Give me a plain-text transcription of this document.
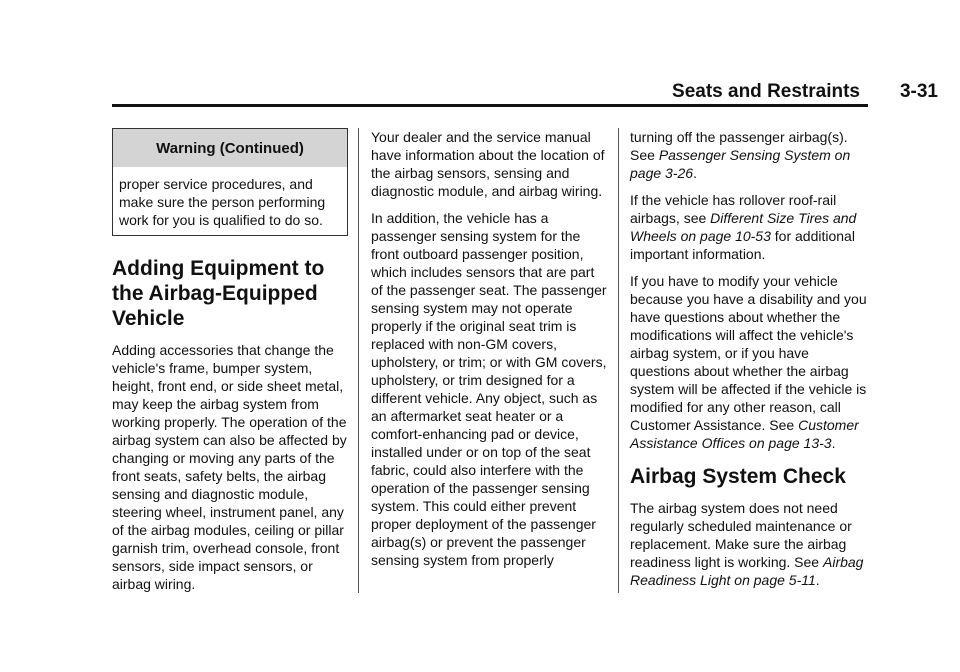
Seats and Restraints 3-31
Warning (Continued)
proper service procedures, and make sure the person performing work for you is qualified to do so.
Adding Equipment to the Airbag-Equipped Vehicle

Adding accessories that change the vehicle's frame, bumper system, height, front end, or side sheet metal, may keep the airbag system from working properly. The operation of the airbag system can also be affected by changing or moving any parts of the front seats, safety belts, the airbag sensing and diagnostic module, steering wheel, instrument panel, any of the airbag modules, ceiling or pillar garnish trim, overhead console, front sensors, side impact sensors, or airbag wiring.

Your dealer and the service manual have information about the location of the airbag sensors, sensing and diagnostic module, and airbag wiring.

In addition, the vehicle has a passenger sensing system for the front outboard passenger position, which includes sensors that are part of the passenger seat. The passenger sensing system may not operate properly if the original seat trim is replaced with non-GM covers, upholstery, or trim; or with GM covers, upholstery, or trim designed for a different vehicle. Any object, such as an aftermarket seat heater or a comfort-enhancing pad or device, installed under or on top of the seat fabric, could also interfere with the operation of the passenger sensing system. This could either prevent proper deployment of the passenger airbag(s) or prevent the passenger sensing system from properly

turning off the passenger airbag(s). See Passenger Sensing System on page 3-26.

If the vehicle has rollover roof-rail airbags, see Different Size Tires and Wheels on page 10-53 for additional important information.

If you have to modify your vehicle because you have a disability and you have questions about whether the modifications will affect the vehicle's airbag system, or if you have questions about whether the airbag system will be affected if the vehicle is modified for any other reason, call Customer Assistance. See Customer Assistance Offices on page 13-3.

Airbag System Check

The airbag system does not need regularly scheduled maintenance or replacement. Make sure the airbag readiness light is working. See Airbag Readiness Light on page 5-11.
